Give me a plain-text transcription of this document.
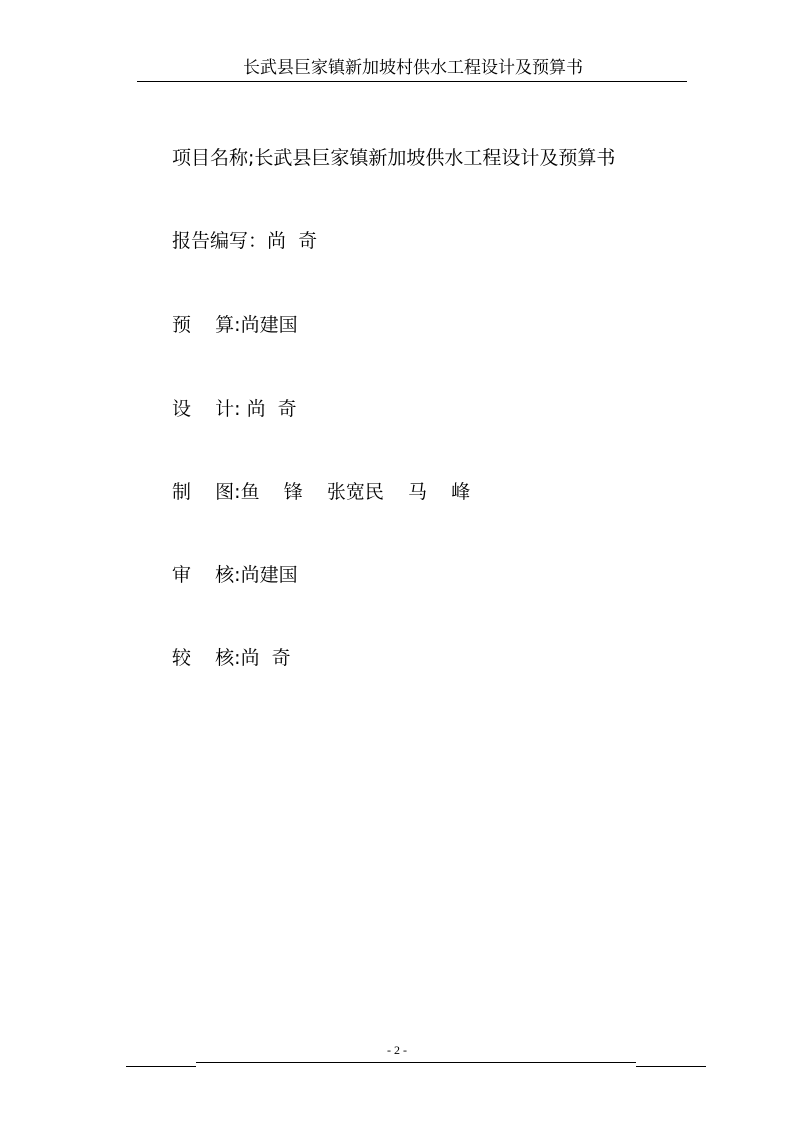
长武县巨家镇新加坡村供水工程设计及预算书
项目名称;长武县巨家镇新加坡供水工程设计及预算书
报告编写：尚  奇
预    算:尚建国
设    计: 尚  奇
制    图:鱼    锋    张宽民    马    峰
审    核:尚建国
较    核:尚  奇
- 2 -
